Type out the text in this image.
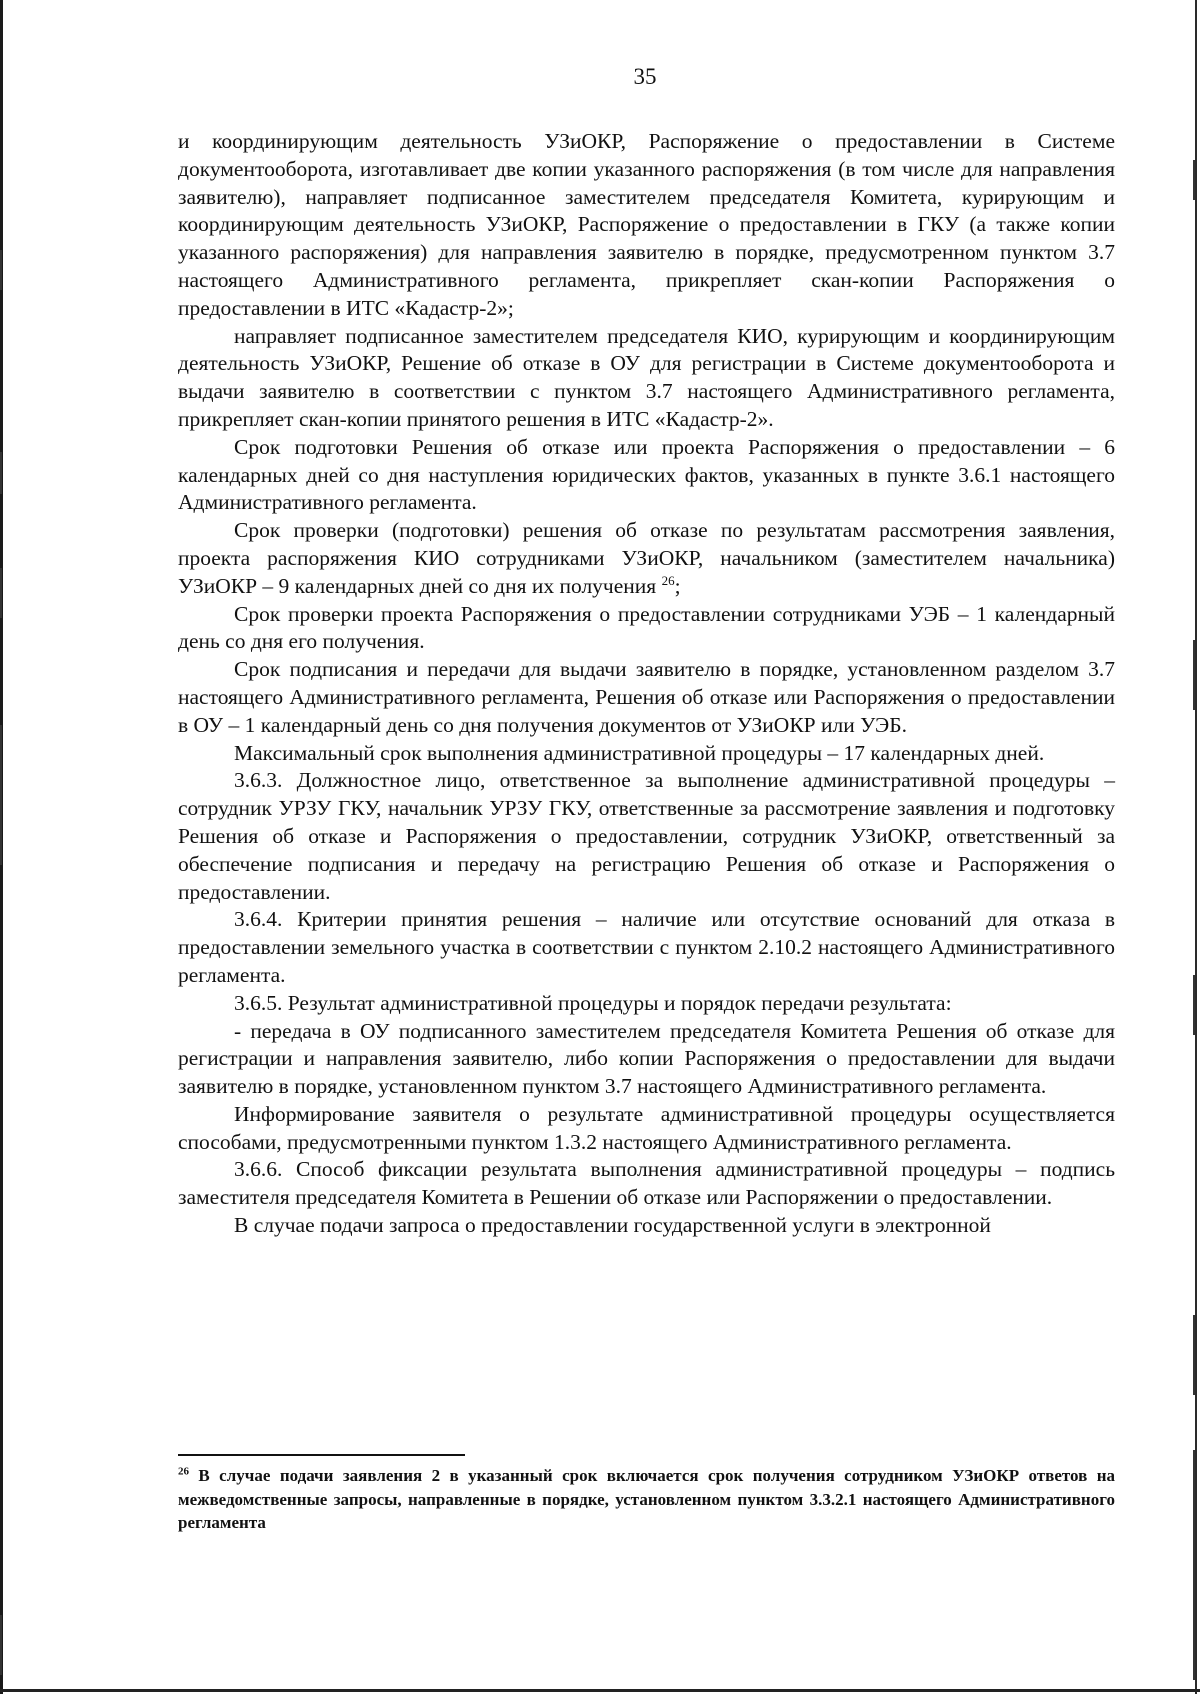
35

и координирующим деятельность УЗиОКР, Распоряжение о предоставлении в Системе документооборота, изготавливает две копии указанного распоряжения (в том числе для направления заявителю), направляет подписанное заместителем председателя Комитета, курирующим и координирующим деятельность УЗиОКР, Распоряжение о предоставлении в ГКУ (а также копии указанного распоряжения) для направления заявителю в порядке, предусмотренном пунктом 3.7 настоящего Административного регламента, прикрепляет скан-копии Распоряжения о предоставлении в ИТС «Кадастр-2»;

направляет подписанное заместителем председателя КИО, курирующим и координирующим деятельность УЗиОКР, Решение об отказе в ОУ для регистрации в Системе документооборота и выдачи заявителю в соответствии с пунктом 3.7 настоящего Административного регламента, прикрепляет скан-копии принятого решения в ИТС «Кадастр-2».

Срок подготовки Решения об отказе или проекта Распоряжения о предоставлении – 6 календарных дней со дня наступления юридических фактов, указанных в пункте 3.6.1 настоящего Административного регламента.

Срок проверки (подготовки) решения об отказе по результатам рассмотрения заявления, проекта распоряжения КИО сотрудниками УЗиОКР, начальником (заместителем начальника) УЗиОКР – 9 календарных дней со дня их получения $^{26}$;

Срок проверки проекта Распоряжения о предоставлении сотрудниками УЭБ – 1 календарный день со дня его получения.

Срок подписания и передачи для выдачи заявителю в порядке, установленном разделом 3.7 настоящего Административного регламента, Решения об отказе или Распоряжения о предоставлении в ОУ – 1 календарный день со дня получения документов от УЗиОКР или УЭБ.

Максимальный срок выполнения административной процедуры – 17 календарных дней.

3.6.3. Должностное лицо, ответственное за выполнение административной процедуры – сотрудник УРЗУ ГКУ, начальник УРЗУ ГКУ, ответственные за рассмотрение заявления и подготовку Решения об отказе и Распоряжения о предоставлении, сотрудник УЗиОКР, ответственный за обеспечение подписания и передачу на регистрацию Решения об отказе и Распоряжения о предоставлении.

3.6.4. Критерии принятия решения – наличие или отсутствие оснований для отказа в предоставлении земельного участка в соответствии с пунктом 2.10.2 настоящего Административного регламента.

3.6.5. Результат административной процедуры и порядок передачи результата:

- передача в ОУ подписанного заместителем председателя Комитета Решения об отказе для регистрации и направления заявителю, либо копии Распоряжения о предоставлении для выдачи заявителю в порядке, установленном пунктом 3.7 настоящего Административного регламента.

Информирование заявителя о результате административной процедуры осуществляется способами, предусмотренными пунктом 1.3.2 настоящего Административного регламента.

3.6.6. Способ фиксации результата выполнения административной процедуры – подпись заместителя председателя Комитета в Решении об отказе или Распоряжении о предоставлении.

В случае подачи запроса о предоставлении государственной услуги в электронной

$^{26}$ В случае подачи заявления 2 в указанный срок включается срок получения сотрудником УЗиОКР ответов на межведомственные запросы, направленные в порядке, установленном пунктом 3.3.2.1 настоящего Административного регламента
